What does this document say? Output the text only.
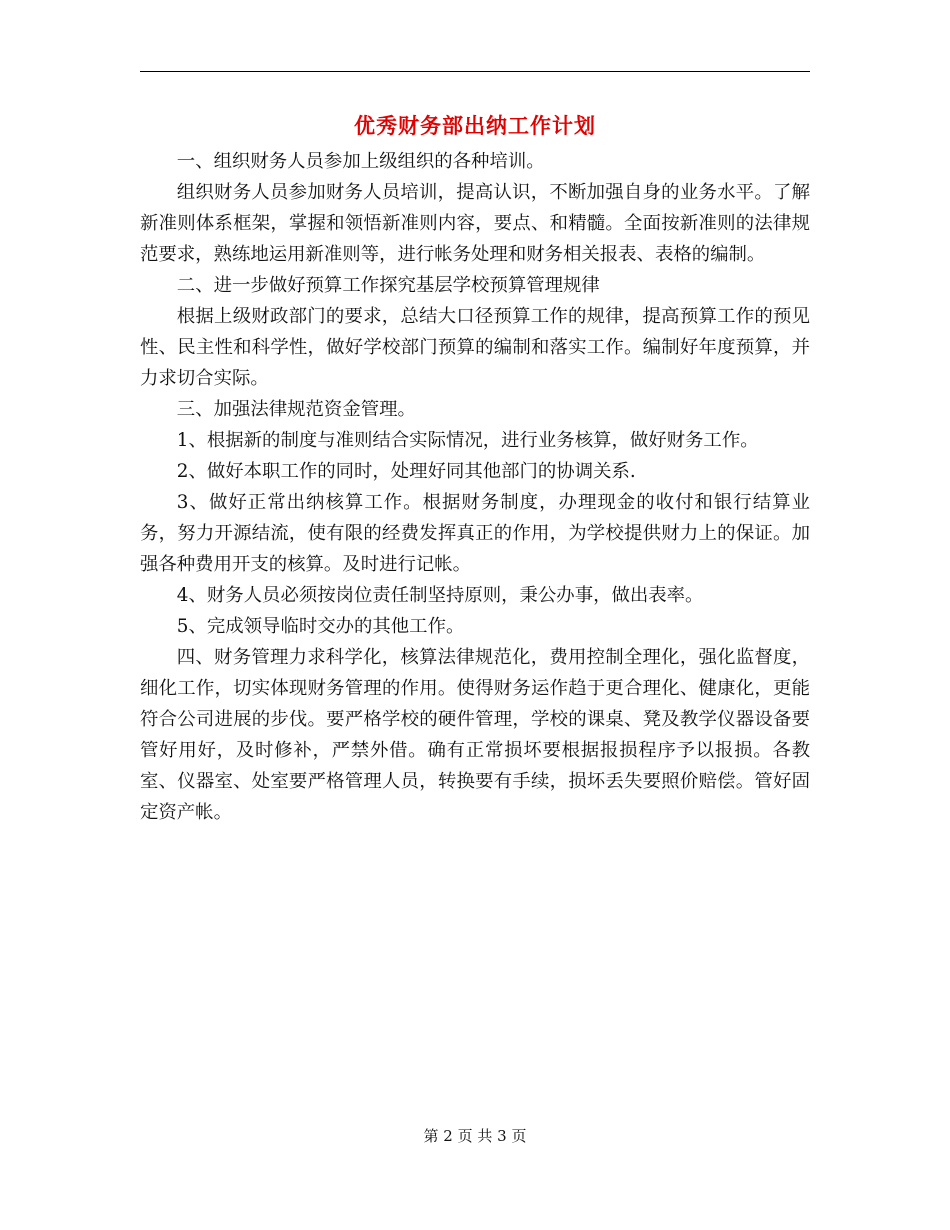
优秀财务部出纳工作计划

一、组织财务人员参加上级组织的各种培训。

组织财务人员参加财务人员培训，提高认识，不断加强自身的业务水平。了解新准则体系框架，掌握和领悟新准则内容，要点、和精髓。全面按新准则的法律规范要求，熟练地运用新准则等，进行帐务处理和财务相关报表、表格的编制。

二、进一步做好预算工作探究基层学校预算管理规律

根据上级财政部门的要求，总结大口径预算工作的规律，提高预算工作的预见性、民主性和科学性，做好学校部门预算的编制和落实工作。编制好年度预算，并力求切合实际。

三、加强法律规范资金管理。

1、根据新的制度与准则结合实际情况，进行业务核算，做好财务工作。

2、做好本职工作的同时，处理好同其他部门的协调关系.

3、做好正常出纳核算工作。根据财务制度，办理现金的收付和银行结算业务，努力开源结流，使有限的经费发挥真正的作用，为学校提供财力上的保证。加强各种费用开支的核算。及时进行记帐。

4、财务人员必须按岗位责任制坚持原则，秉公办事，做出表率。

5、完成领导临时交办的其他工作。

四、财务管理力求科学化，核算法律规范化，费用控制全理化，强化监督度，细化工作，切实体现财务管理的作用。使得财务运作趋于更合理化、健康化，更能符合公司进展的步伐。要严格学校的硬件管理，学校的课桌、凳及教学仪器设备要管好用好，及时修补，严禁外借。确有正常损坏要根据报损程序予以报损。各教室、仪器室、处室要严格管理人员，转换要有手续，损坏丢失要照价赔偿。管好固定资产帐。

第 2 页 共 3 页
